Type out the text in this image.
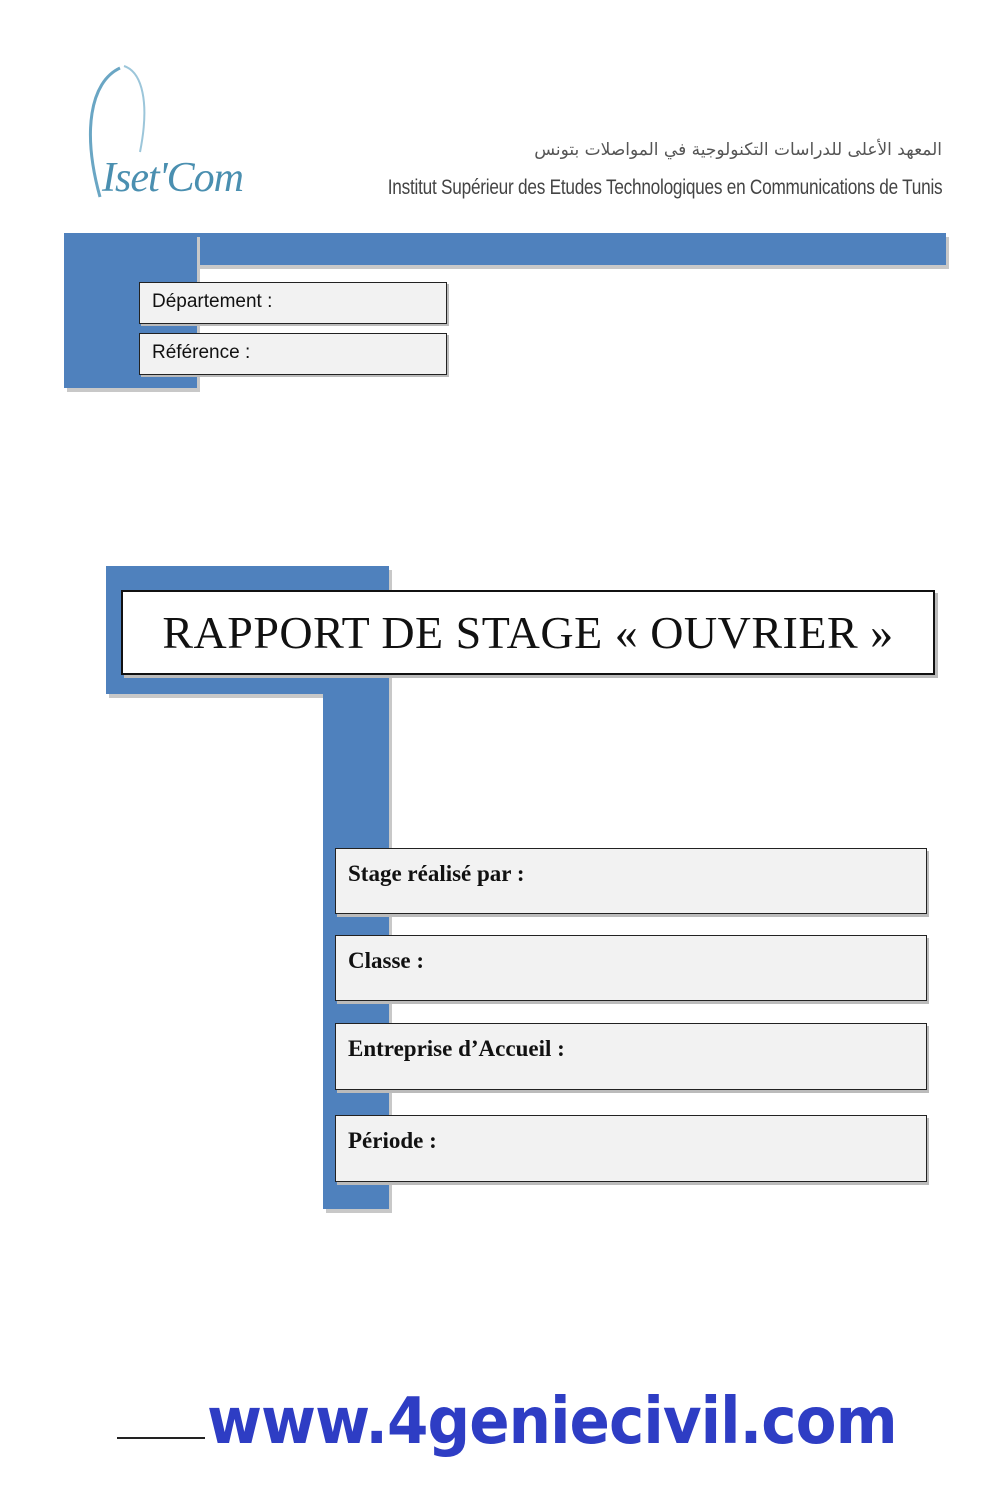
Iset'Com
المعهد الأعلى للدراسات التكنولوجية في المواصلات بتونس
Institut Supérieur des Etudes Technologiques en Communications de Tunis
Département :
Référence :
RAPPORT DE STAGE « OUVRIER »
Stage réalisé par :
Classe :
Entreprise d’Accueil :
Période :
www.4geniecivil.com
